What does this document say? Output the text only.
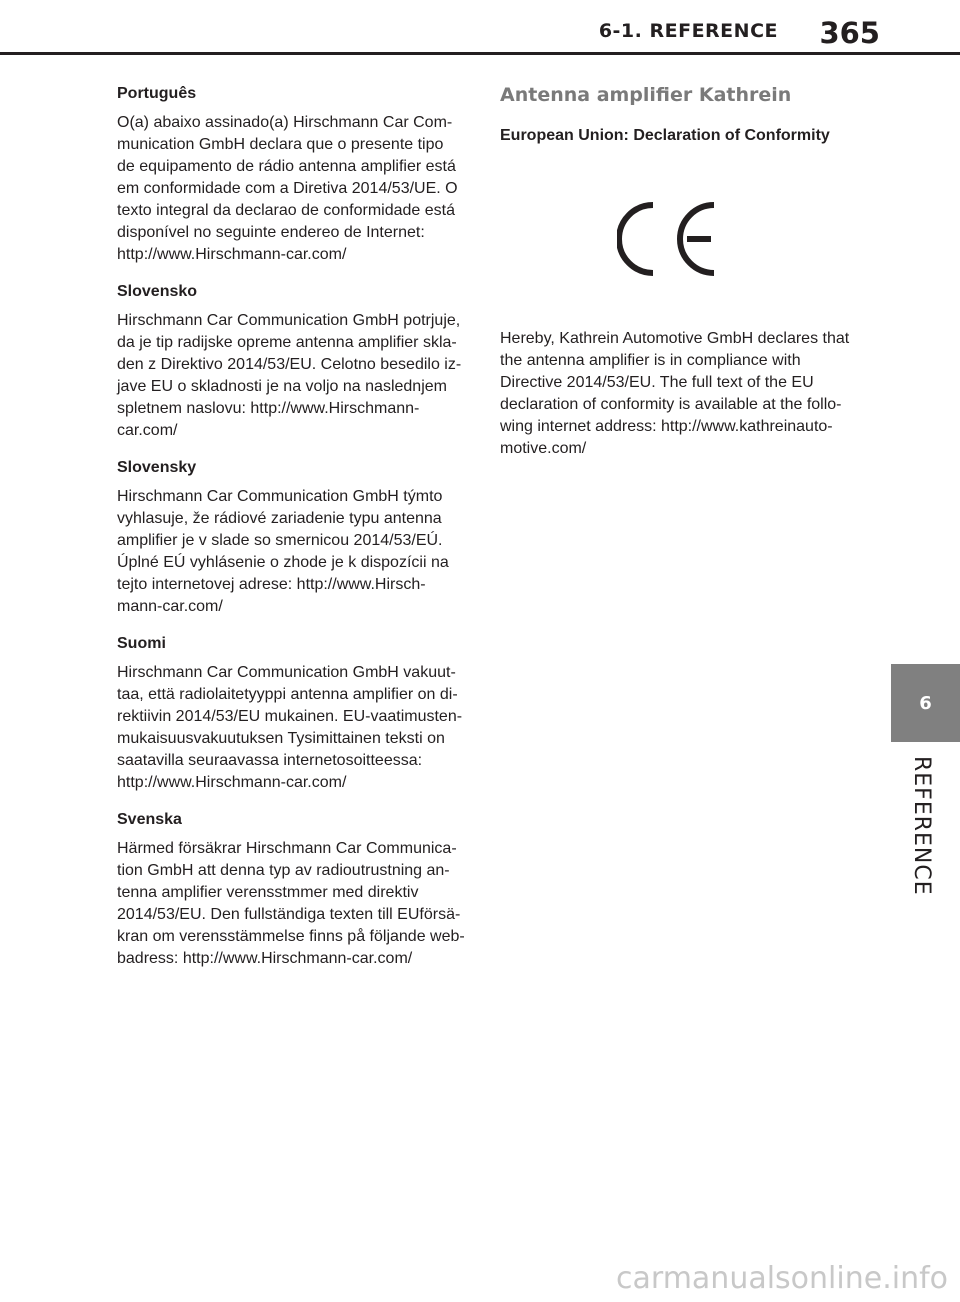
6-1. REFERENCE 365
Português
O(a) abaixo assinado(a) Hirschmann Car Com-munication GmbH declara que o presente tipo de equipamento de rádio antenna amplifier está em conformidade com a Diretiva 2014/53/UE. O texto integral da declarao de conformidade está disponível no seguinte endereo de Internet: http://www.Hirschmann-car.com/
Slovensko
Hirschmann Car Communication GmbH potrjuje, da je tip radijske opreme antenna amplifier skla-den z Direktivo 2014/53/EU. Celotno besedilo iz-jave EU o skladnosti je na voljo na naslednjem spletnem naslovu: http://www.Hirschmann-car.com/
Slovensky
Hirschmann Car Communication GmbH týmto vyhlasuje, že rádiové zariadenie typu antenna amplifier je v slade so smernicou 2014/53/EÚ. Úplné EÚ vyhlásenie o zhode je k dispozícii na tejto internetovej adrese: http://www.Hirsch-mann-car.com/
Suomi
Hirschmann Car Communication GmbH vakuut-taa, että radiolaitetyyppi antenna amplifier on di-rektiivin 2014/53/EU mukainen. EU-vaatimusten-mukaisuusvakuutuksen Tysimittainen teksti on saatavilla seuraavassa internetosoitteessa: http://www.Hirschmann-car.com/
Svenska
Härmed försäkrar Hirschmann Car Communica-tion GmbH att denna typ av radioutrustning an-tenna amplifier verensstmmer med direktiv 2014/53/EU. Den fullständiga texten till EUförsä-kran om verensstämmelse finns på följande web-badress: http://www.Hirschmann-car.com/
Antenna amplifier Kathrein
European Union: Declaration of Conformity
Hereby, Kathrein Automotive GmbH declares that the antenna amplifier is in compliance with Directive 2014/53/EU. The full text of the EU declaration of conformity is available at the follo-wing internet address: http://www.kathreinauto-motive.com/
6
REFERENCE
carmanualsonline.info
